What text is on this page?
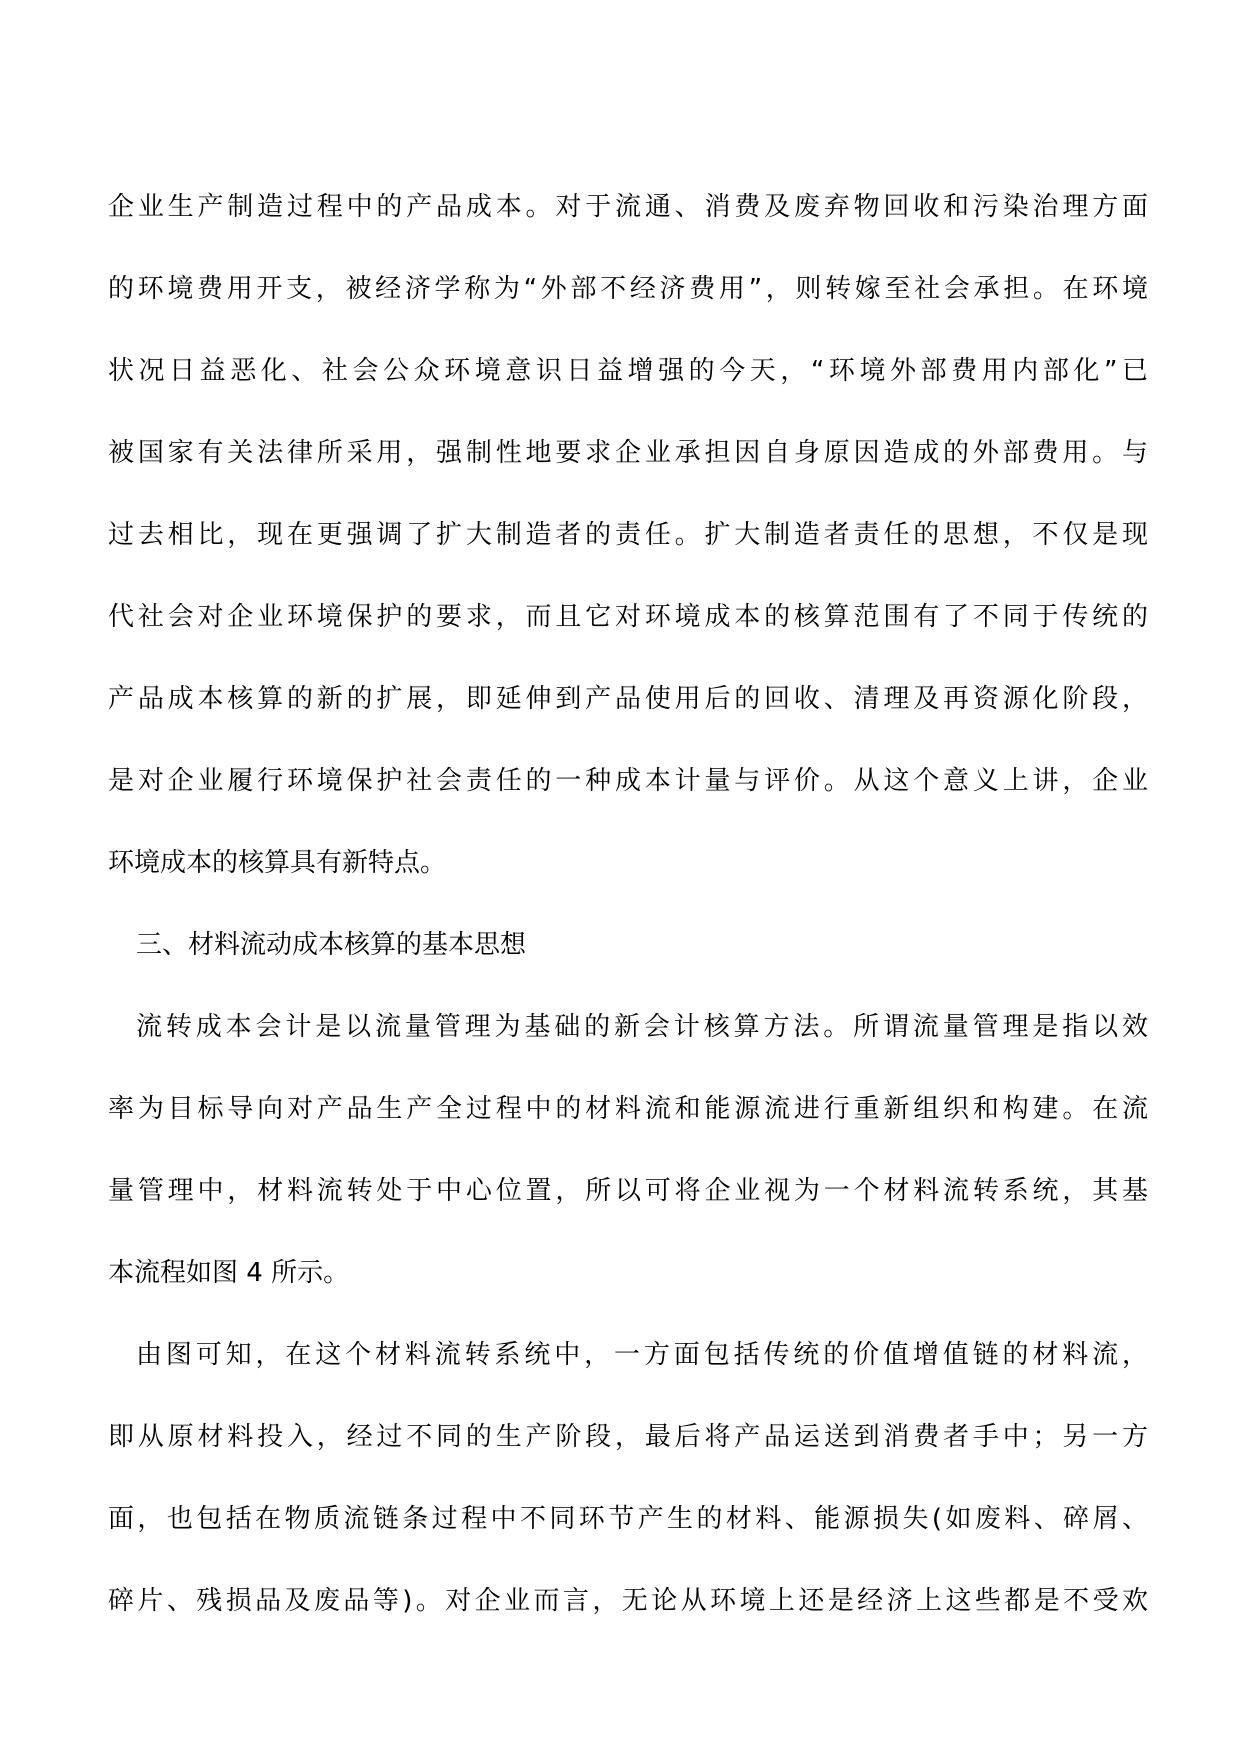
企业生产制造过程中的产品成本。对于流通、消费及废弃物回收和污染治理方面
的环境费用开支，被经济学称为“外部不经济费用”，则转嫁至社会承担。在环境
状况日益恶化、社会公众环境意识日益增强的今天，“环境外部费用内部化”已
被国家有关法律所采用，强制性地要求企业承担因自身原因造成的外部费用。与
过去相比，现在更强调了扩大制造者的责任。扩大制造者责任的思想，不仅是现
代社会对企业环境保护的要求，而且它对环境成本的核算范围有了不同于传统的
产品成本核算的新的扩展，即延伸到产品使用后的回收、清理及再资源化阶段，
是对企业履行环境保护社会责任的一种成本计量与评价。从这个意义上讲，企业
环境成本的核算具有新特点。
三、材料流动成本核算的基本思想
流转成本会计是以流量管理为基础的新会计核算方法。所谓流量管理是指以效
率为目标导向对产品生产全过程中的材料流和能源流进行重新组织和构建。在流
量管理中，材料流转处于中心位置，所以可将企业视为一个材料流转系统，其基
本流程如图 4 所示。
由图可知，在这个材料流转系统中，一方面包括传统的价值增值链的材料流，
即从原材料投入，经过不同的生产阶段，最后将产品运送到消费者手中；另一方
面，也包括在物质流链条过程中不同环节产生的材料、能源损失(如废料、碎屑、
碎片、残损品及废品等)。对企业而言，无论从环境上还是经济上这些都是不受欢
